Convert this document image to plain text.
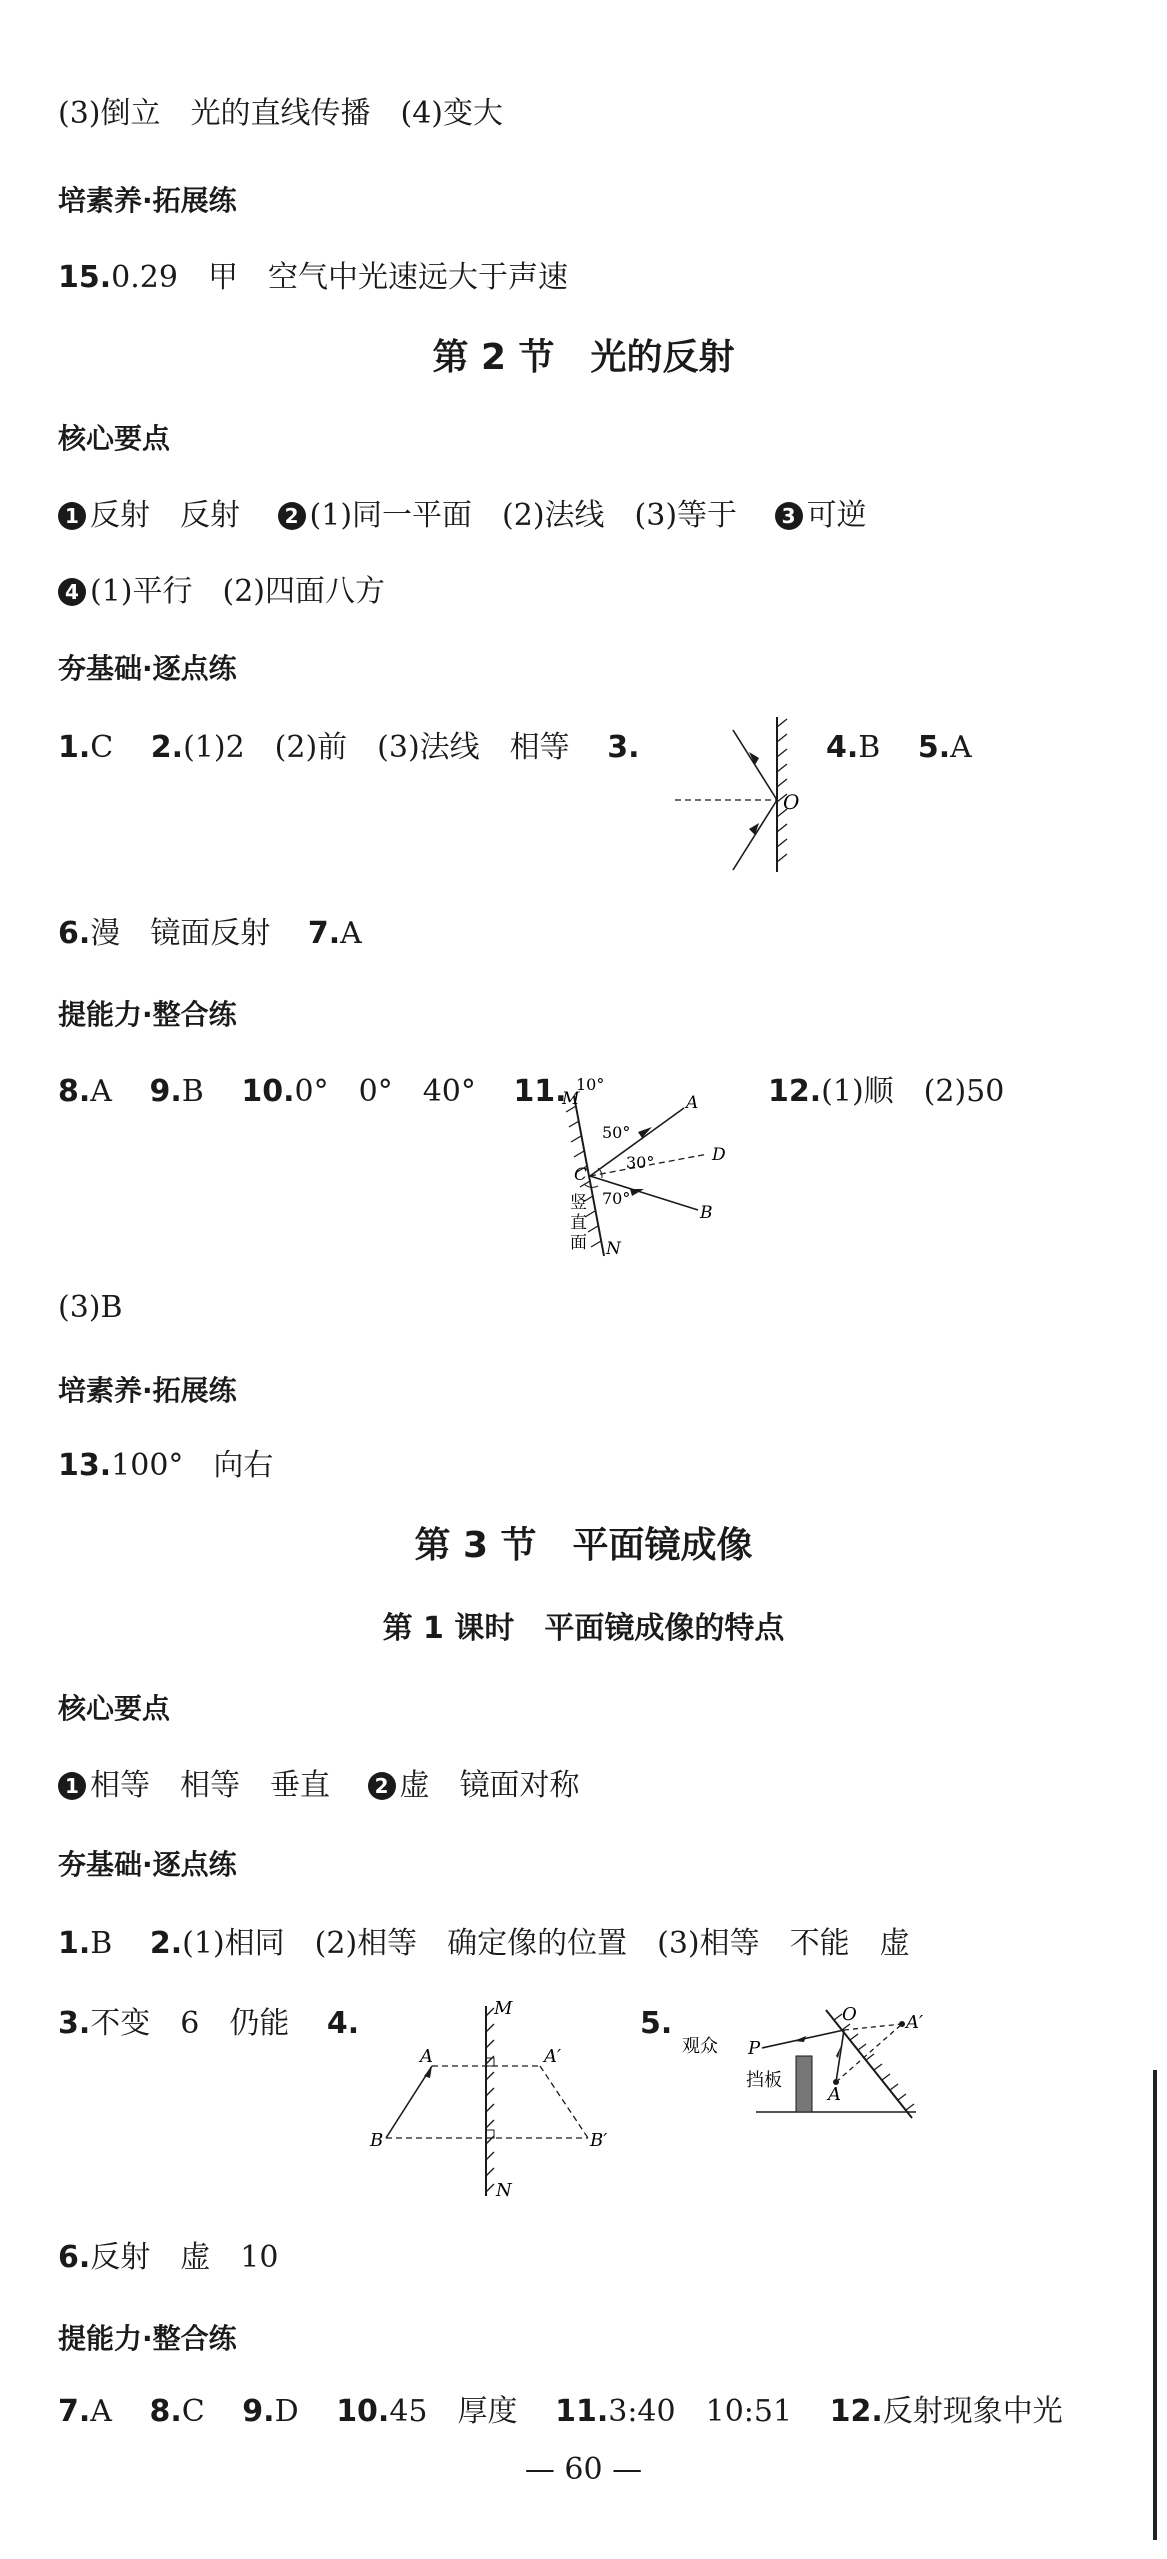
(3)倒立　光的直线传播　(4)变大
培素养·拓展练
15.0.29　甲　空气中光速远大于声速
第 2 节　光的反射
核心要点
1 反射　反射 2 (1)同一平面　(2)法线　(3)等于 3 可逆
4 (1)平行　(2)四面八方
夯基础·逐点练
1.C 2.(1)2　(2)前　(3)法线　相等 3.	4.B 5.A
O
6.漫　镜面反射 7.A
提能力·整合练
8.A 9.B 10.0°　0°　40° 11.	12.(1)顺　(2)50
M
10°
A
50°
30°	D
C
70°
B
竖
直
面 N
(3)B
培素养·拓展练
13.100°　向右
第 3 节　平面镜成像
第 1 课时　平面镜成像的特点
核心要点
1 相等　相等　垂直 2 虚　镜面对称
夯基础·逐点练
1.B 2.(1)相同　(2)相等　确定像的位置　(3)相等　不能　虚
3.不变　6　仍能 4.	5.
M
A	A′
B	B′
N
O	A′
A
P
观众
挡板
6.反射　虚　10
提能力·整合练
7.A 8.C 9.D 10.45　厚度 11.3:40　10:51 12.反射现象中光
— 60 —
